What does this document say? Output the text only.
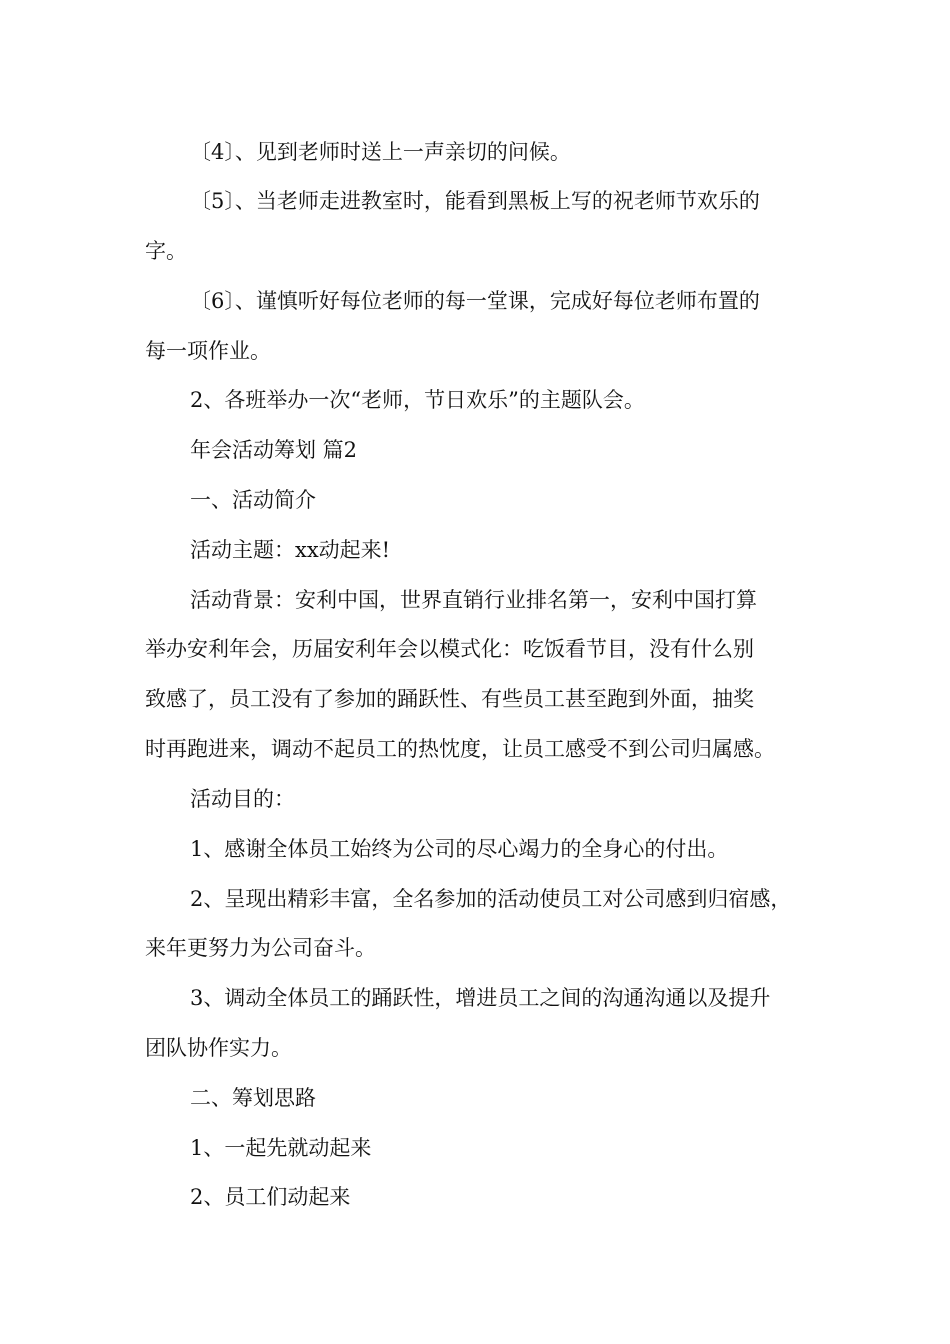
〔4〕、见到老师时送上一声亲切的问候。
〔5〕、当老师走进教室时，能看到黑板上写的祝老师节欢乐的
字。
〔6〕、谨慎听好每位老师的每一堂课，完成好每位老师布置的
每一项作业。
2、各班举办一次“老师，节日欢乐”的主题队会。
年会活动筹划 篇2
一、活动简介
活动主题：xx动起来!
活动背景：安利中国，世界直销行业排名第一，安利中国打算
举办安利年会，历届安利年会以模式化：吃饭看节目，没有什么别
致感了，员工没有了参加的踊跃性、有些员工甚至跑到外面，抽奖
时再跑进来，调动不起员工的热忱度，让员工感受不到公司归属感。
活动目的：
1、感谢全体员工始终为公司的尽心竭力的全身心的付出。
2、呈现出精彩丰富，全名参加的活动使员工对公司感到归宿感，
来年更努力为公司奋斗。
3、调动全体员工的踊跃性，增进员工之间的沟通沟通以及提升
团队协作实力。
二、筹划思路
1、一起先就动起来
2、员工们动起来
